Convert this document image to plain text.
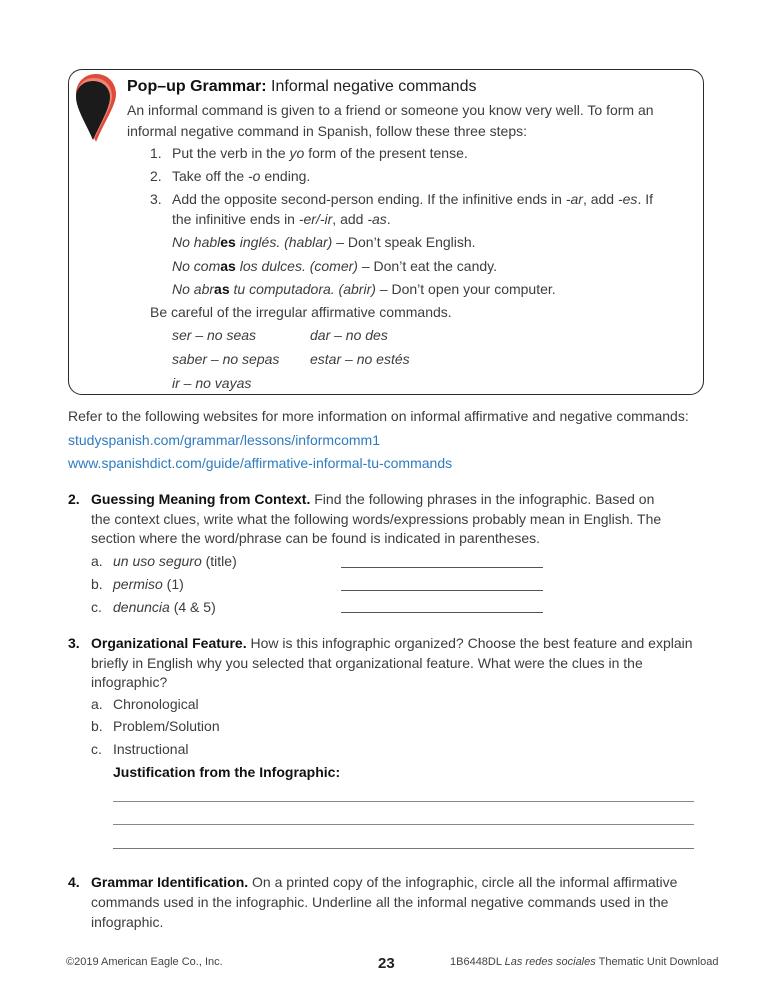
Pop–up Grammar: Informal negative commands
An informal command is given to a friend or someone you know very well. To form an
informal negative command in Spanish, follow these three steps:
1. Put the verb in the yo form of the present tense.
2. Take off the -o ending.
3. Add the opposite second-person ending. If the infinitive ends in -ar, add -es. If
the infinitive ends in -er/-ir, add -as.
No hables inglés. (hablar) – Don’t speak English.
No comas los dulces. (comer) – Don’t eat the candy.
No abras tu computadora. (abrir) – Don’t open your computer.
Be careful of the irregular affirmative commands.
ser – no seas	dar – no des
saber – no sepas estar – no estés
ir – no vayas
Refer to the following websites for more information on informal affirmative and negative commands:
studyspanish.com/grammar/lessons/informcomm1
www.spanishdict.com/guide/affirmative-informal-tu-commands
2. Guessing Meaning from Context. Find the following phrases in the infographic. Based on
the context clues, write what the following words/expressions probably mean in English. The
section where the word/phrase can be found is indicated in parentheses.
a. un uso seguro (title)
b. permiso (1)
c. denuncia (4 & 5)
3. Organizational Feature. How is this infographic organized? Choose the best feature and explain
briefly in English why you selected that organizational feature. What were the clues in the
infographic?
a. Chronological
b. Problem/Solution
c. Instructional
Justification from the Infographic:
4. Grammar Identification. On a printed copy of the infographic, circle all the informal affirmative
commands used in the infographic. Underline all the informal negative commands used in the
infographic.
©2019 American Eagle Co., Inc.	23	1B6448DL Las redes sociales Thematic Unit Download
